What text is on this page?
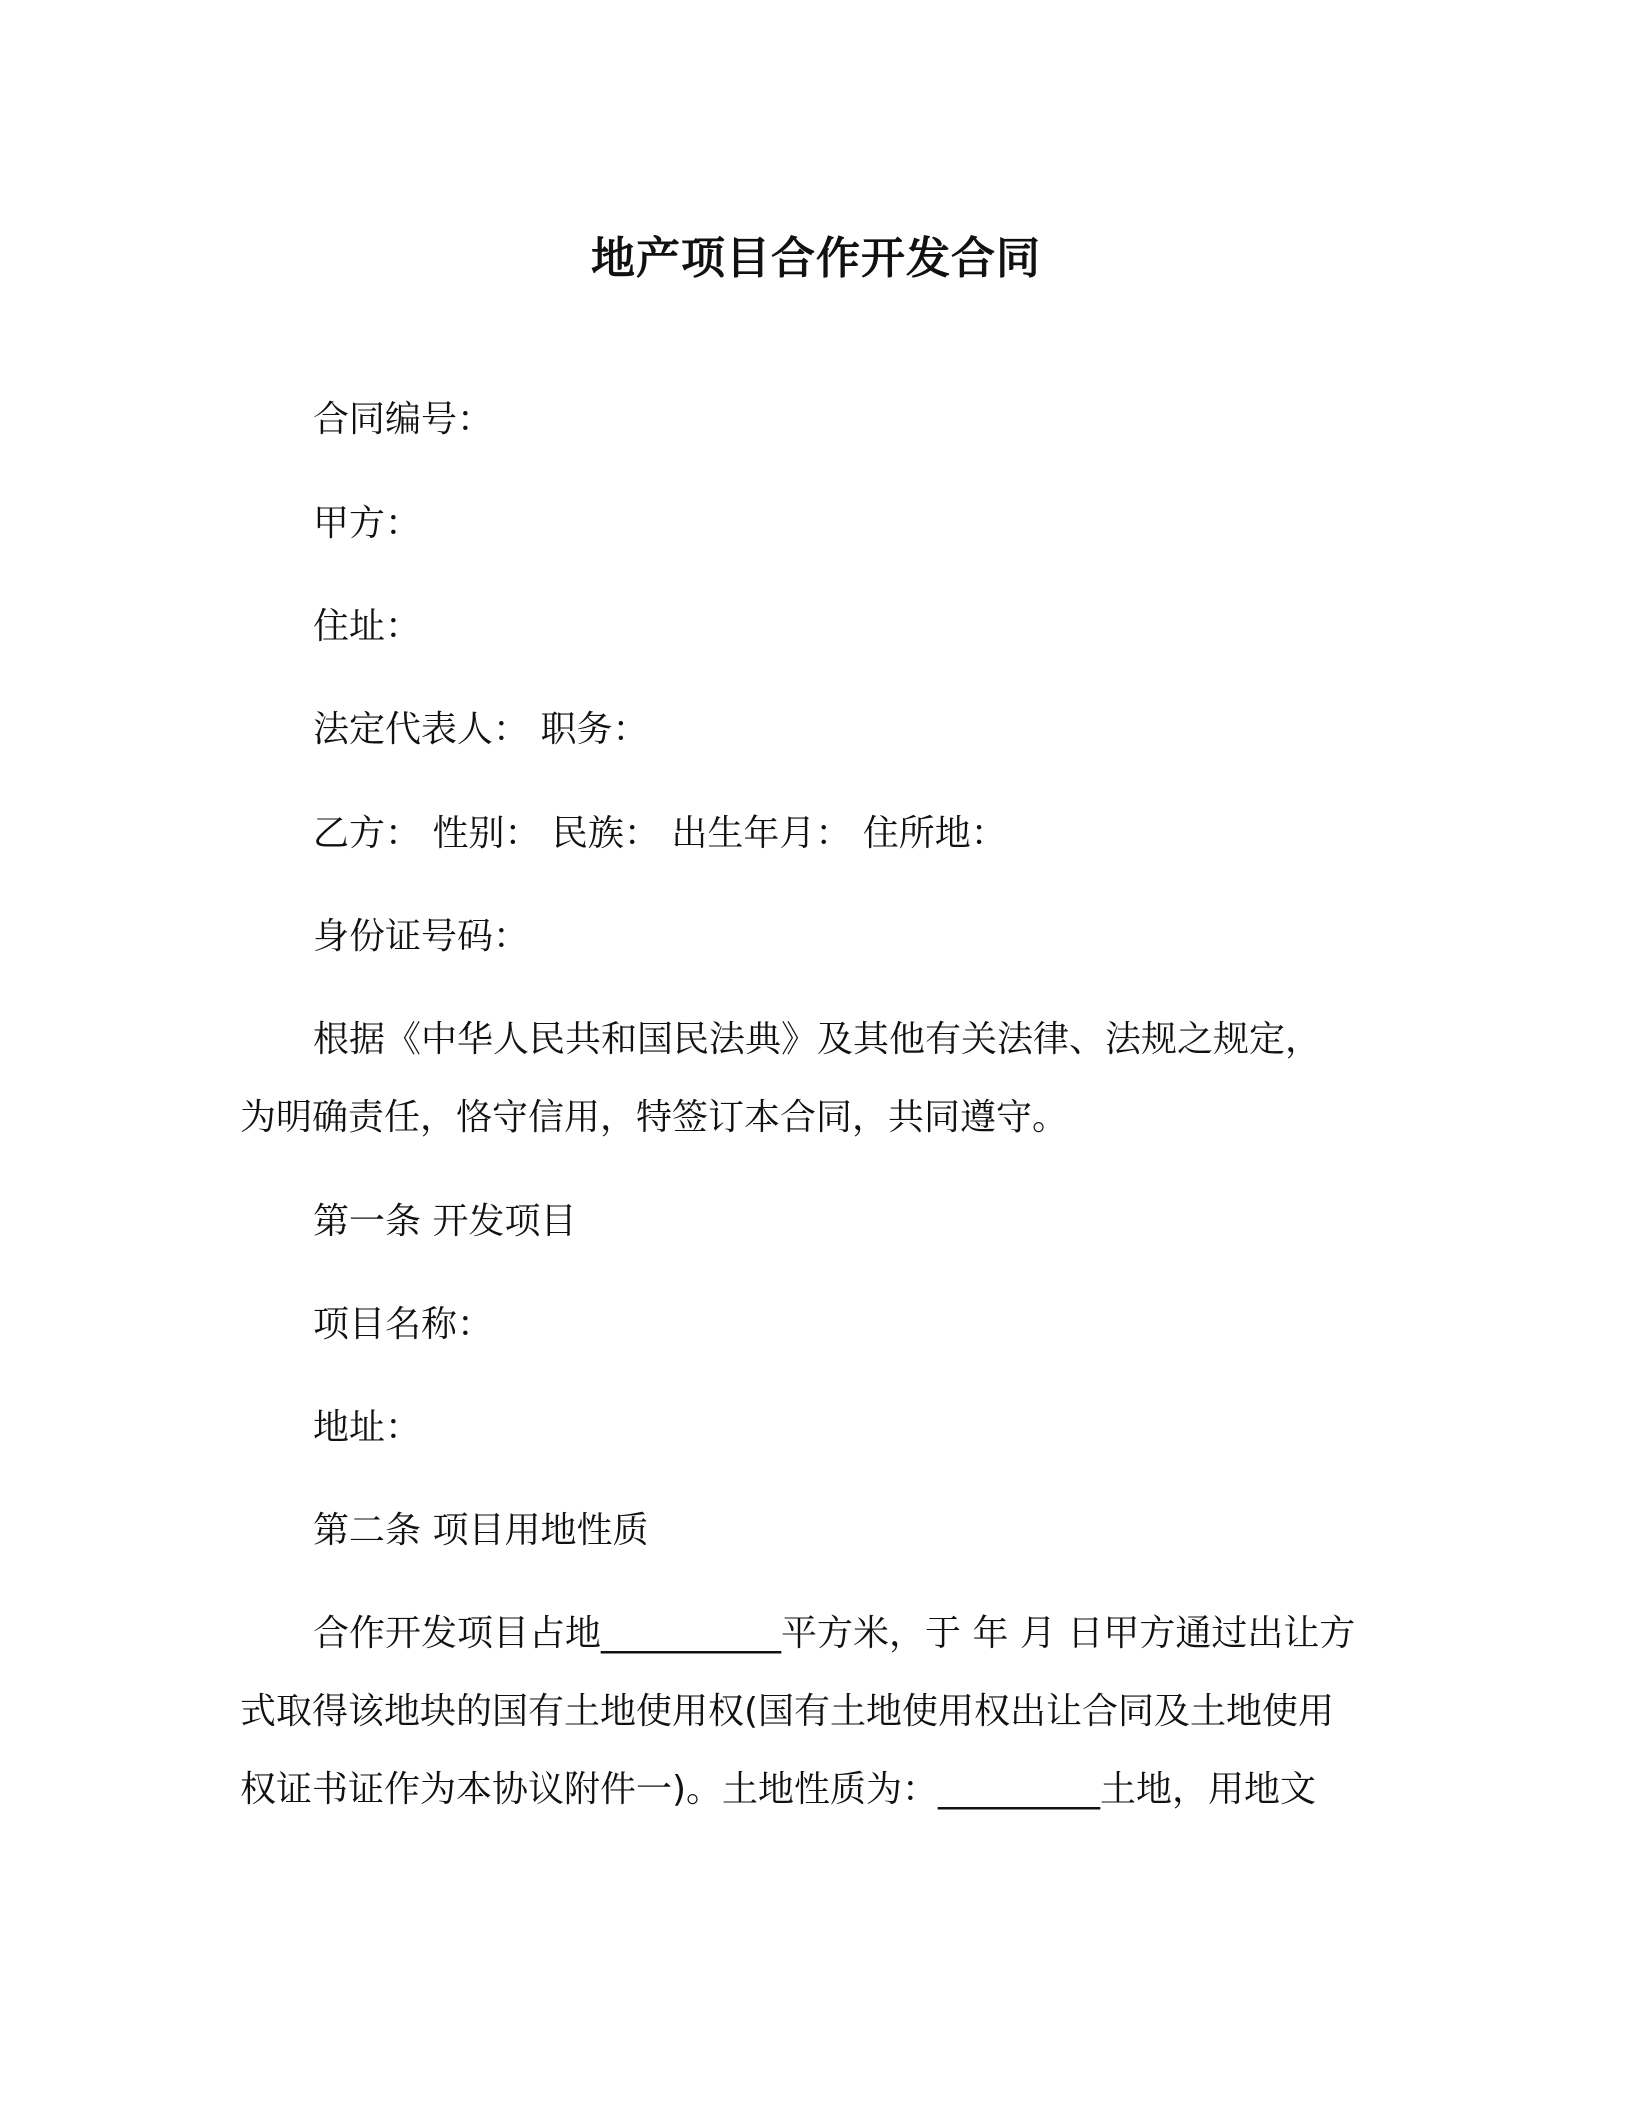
地产项目合作开发合同
合同编号：
甲方：
住址：
法定代表人： 职务：
乙方： 性别： 民族： 出生年月： 住所地：
身份证号码：
根据《中华人民共和国民法典》及其他有关法律、法规之规定，
为明确责任，恪守信用，特签订本合同，共同遵守。
第一条 开发项目
项目名称：
地址：
第二条 项目用地性质
合作开发项目占地__________平方米，于 年 月 日甲方通过出让方
式取得该地块的国有土地使用权(国有土地使用权出让合同及土地使用
权证书证作为本协议附件一)。土地性质为：_________土地，用地文
